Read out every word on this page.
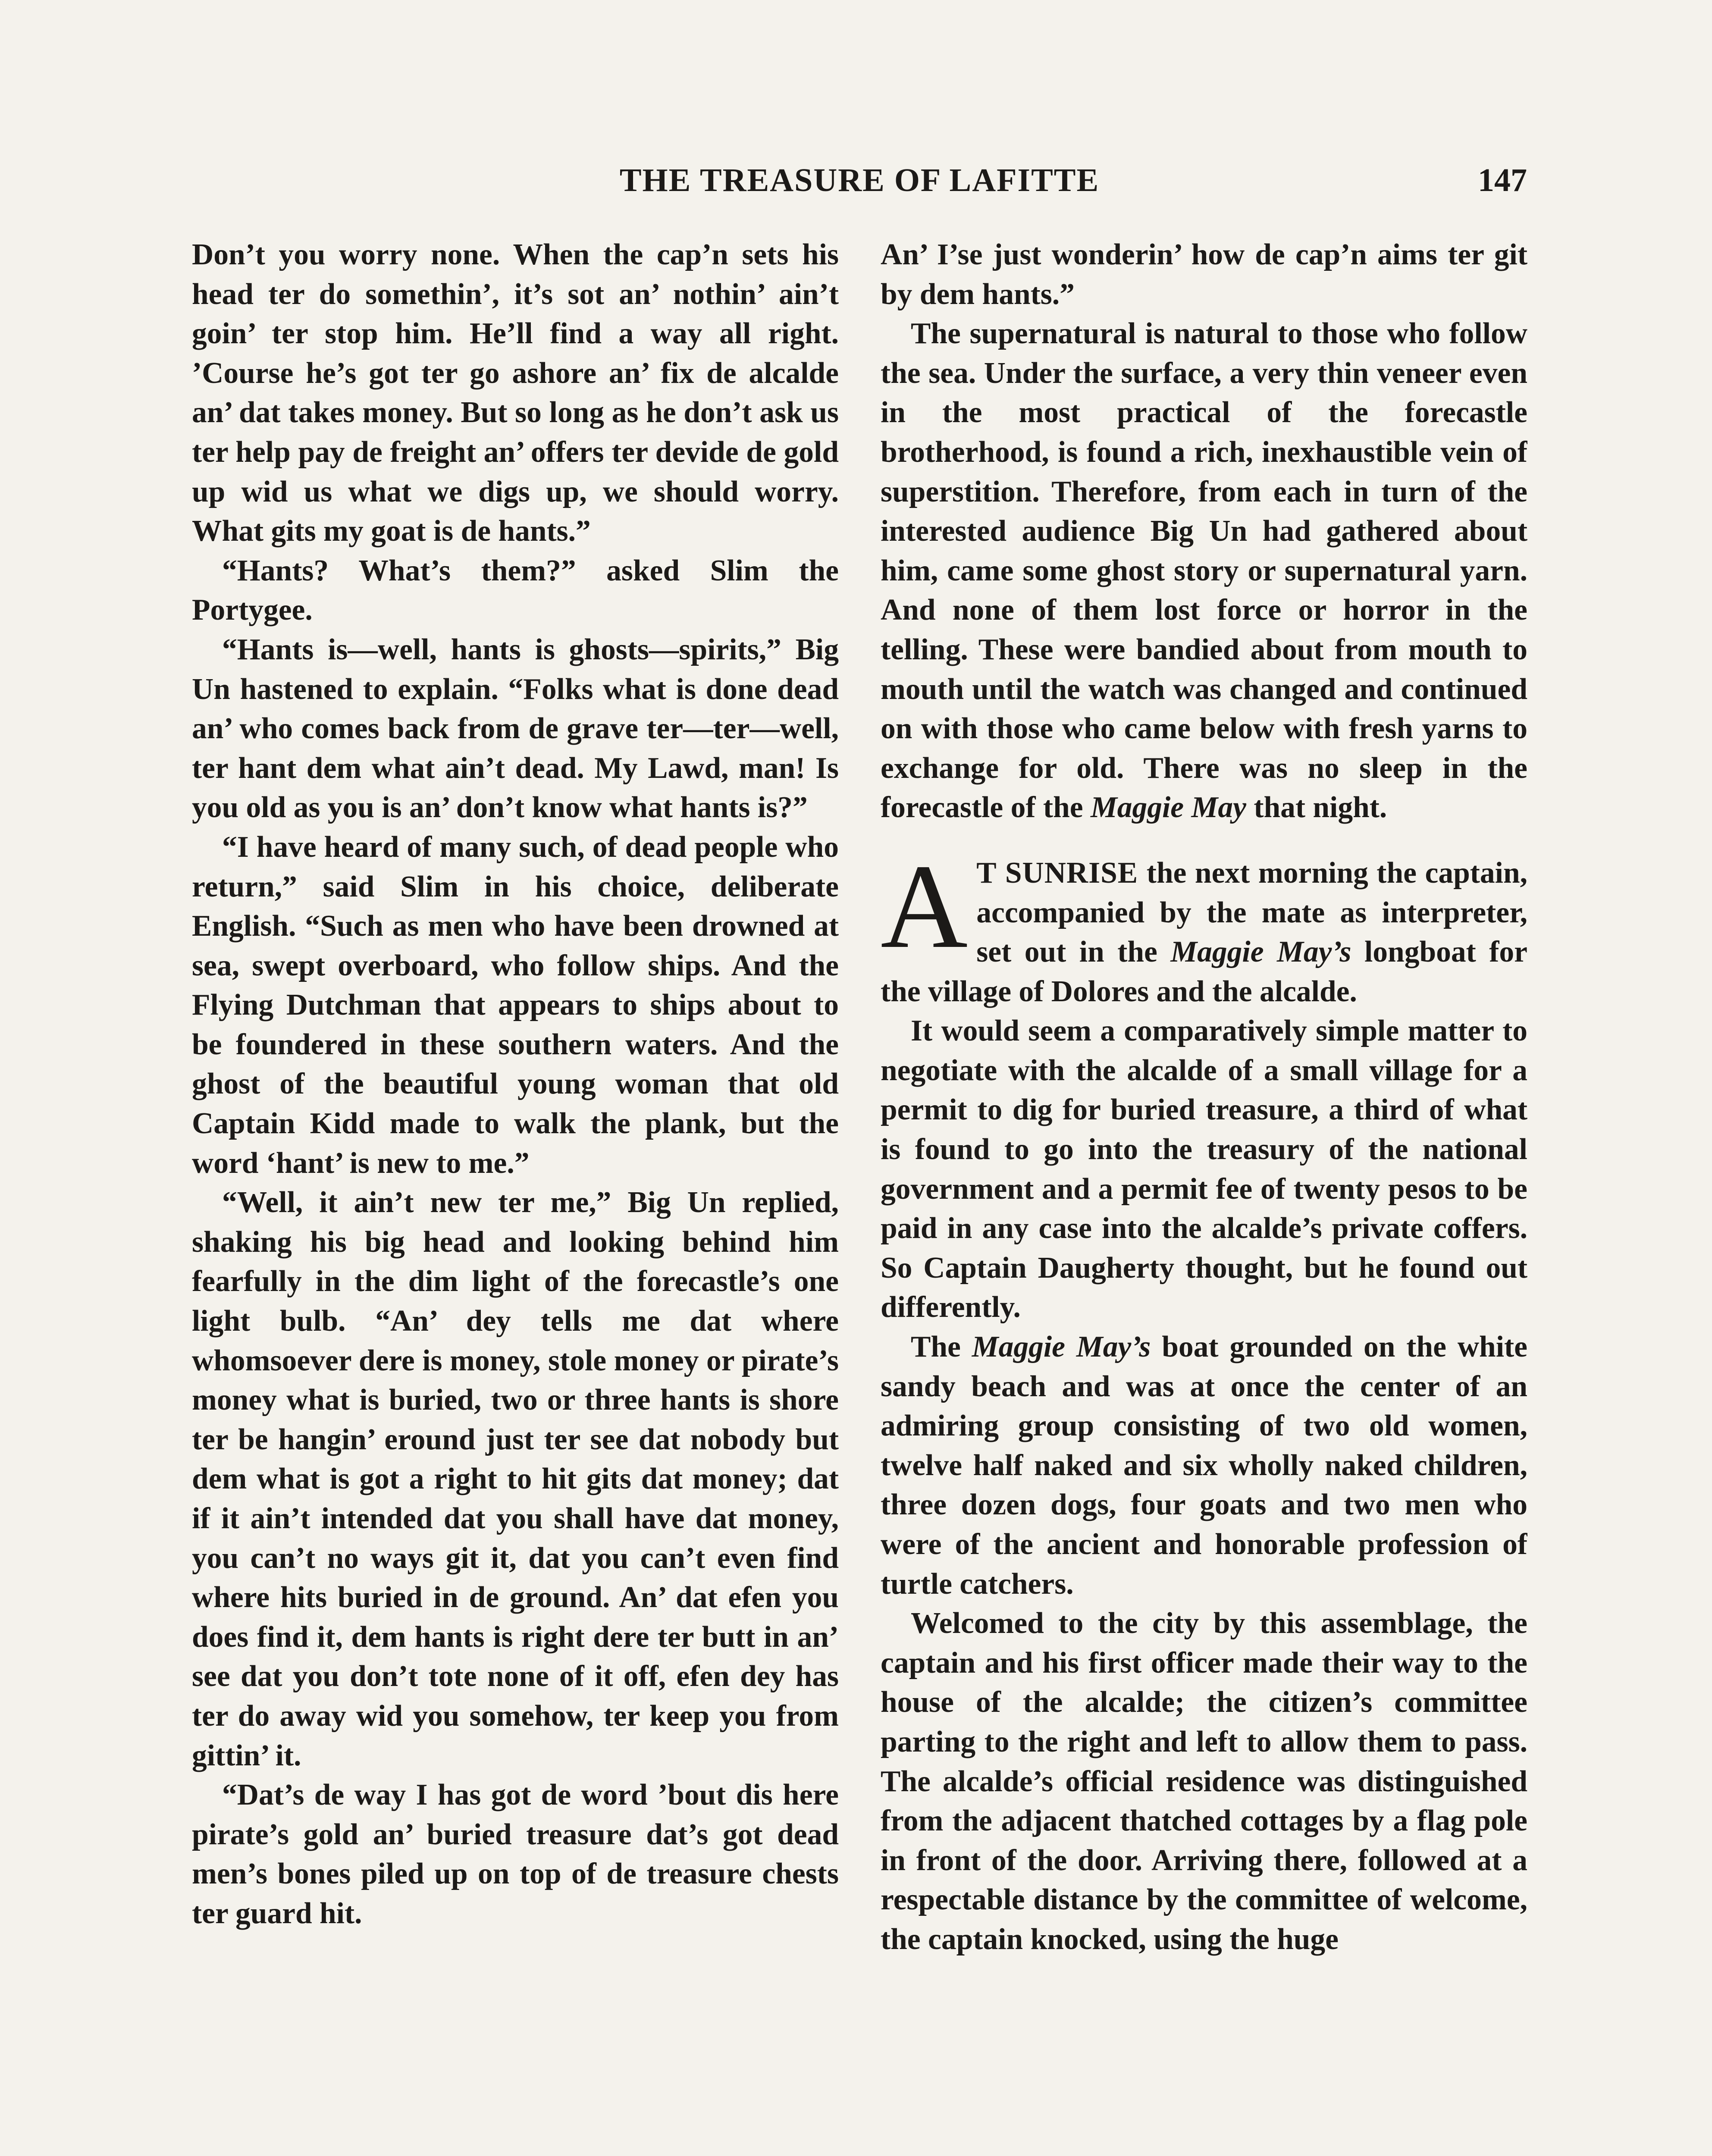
THE TREASURE OF LAFITTE	147

Don’t you worry none. When the cap’n sets his head ter do somethin’, it’s sot an’ nothin’ ain’t goin’ ter stop him. He’ll find a way all right. ’Course he’s got ter go ashore an’ fix de alcalde an’ dat takes money. But so long as he don’t ask us ter help pay de freight an’ offers ter devide de gold up wid us what we digs up, we should worry. What gits my goat is de hants.”

“Hants? What’s them?” asked Slim the Portygee.

“Hants is—well, hants is ghosts—spirits,” Big Un hastened to explain. “Folks what is done dead an’ who comes back from de grave ter—ter—well, ter hant dem what ain’t dead. My Lawd, man! Is you old as you is an’ don’t know what hants is?”

“I have heard of many such, of dead people who return,” said Slim in his choice, deliberate English. “Such as men who have been drowned at sea, swept overboard, who follow ships. And the Flying Dutchman that appears to ships about to be foundered in these southern waters. And the ghost of the beautiful young woman that old Captain Kidd made to walk the plank, but the word ‘hant’ is new to me.”

“Well, it ain’t new ter me,” Big Un replied, shaking his big head and looking behind him fearfully in the dim light of the forecastle’s one light bulb. “An’ dey tells me dat where whomsoever dere is money, stole money or pirate’s money what is buried, two or three hants is shore ter be hangin’ eround just ter see dat nobody but dem what is got a right to hit gits dat money; dat if it ain’t intended dat you shall have dat money, you can’t no ways git it, dat you can’t even find where hits buried in de ground. An’ dat efen you does find it, dem hants is right dere ter butt in an’ see dat you don’t tote none of it off, efen dey has ter do away wid you somehow, ter keep you from gittin’ it.

“Dat’s de way I has got de word ’bout dis here pirate’s gold an’ buried treasure dat’s got dead men’s bones piled up on top of de treasure chests ter guard hit.

An’ I’se just wonderin’ how de cap’n aims ter git by dem hants.”

The supernatural is natural to those who follow the sea. Under the surface, a very thin veneer even in the most practical of the forecastle brotherhood, is found a rich, inexhaustible vein of superstition. Therefore, from each in turn of the interested audience Big Un had gathered about him, came some ghost story or supernatural yarn. And none of them lost force or horror in the telling. These were bandied about from mouth to mouth until the watch was changed and continued on with those who came below with fresh yarns to exchange for old. There was no sleep in the forecastle of the Maggie May that night.

A T SUNRISE the next morning the captain, accompanied by the mate as interpreter, set out in the Maggie May’s longboat for the village of Dolores and the alcalde.

It would seem a comparatively simple matter to negotiate with the alcalde of a small village for a permit to dig for buried treasure, a third of what is found to go into the treasury of the national government and a permit fee of twenty pesos to be paid in any case into the alcalde’s private coffers. So Captain Daugherty thought, but he found out differently.

The Maggie May’s boat grounded on the white sandy beach and was at once the center of an admiring group consisting of two old women, twelve half naked and six wholly naked children, three dozen dogs, four goats and two men who were of the ancient and honorable profession of turtle catchers.

Welcomed to the city by this assemblage, the captain and his first officer made their way to the house of the alcalde; the citizen’s committee parting to the right and left to allow them to pass. The alcalde’s official residence was distinguished from the adjacent thatched cottages by a flag pole in front of the door. Arriving there, followed at a respectable distance by the committee of welcome, the captain knocked, using the huge
